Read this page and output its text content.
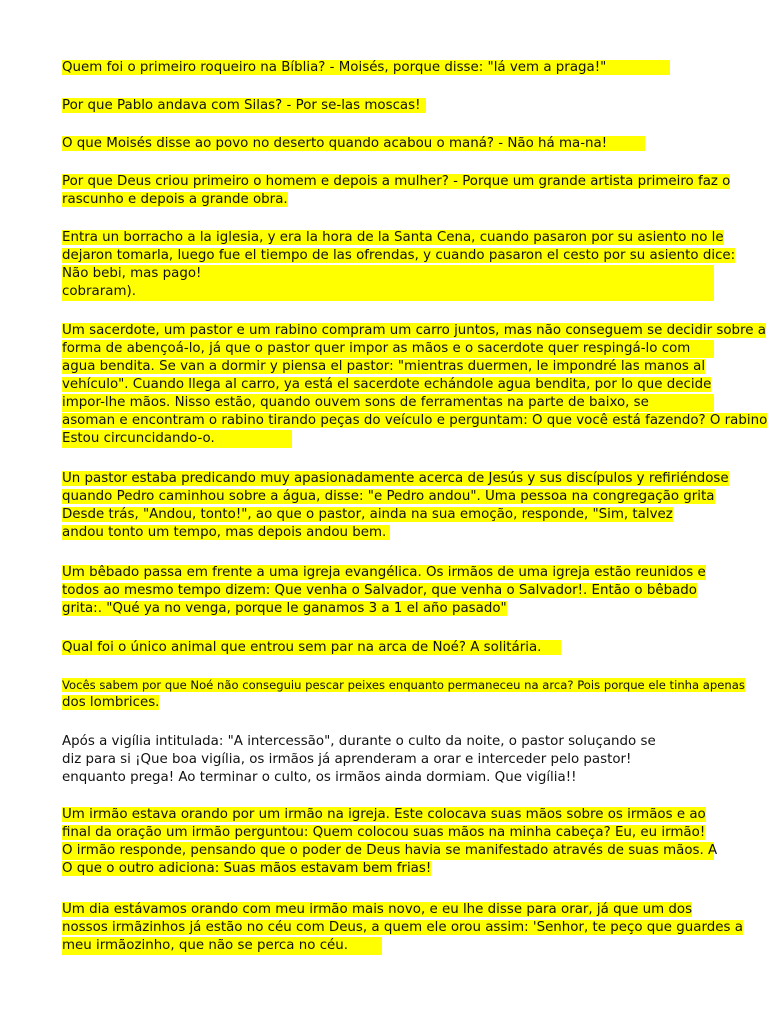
Quem foi o primeiro roqueiro na Bíblia? - Moisés, porque disse: "lá vem a praga!"
Por que Pablo andava com Silas? - Por se-las moscas!
O que Moisés disse ao povo no deserto quando acabou o maná? - Não há ma-na!
Por que Deus criou primeiro o homem e depois a mulher? - Porque um grande artista primeiro faz o
rascunho e depois a grande obra.
Entra un borracho a la iglesia, y era la hora de la Santa Cena, cuando pasaron por su asiento no le
dejaron tomarla, luego fue el tiempo de las ofrendas, y cuando pasaron el cesto por su asiento dice:
Não bebi, mas pago!
cobraram).
Um sacerdote, um pastor e um rabino compram um carro juntos, mas não conseguem se decidir sobre a
forma de abençoá-lo, já que o pastor quer impor as mãos e o sacerdote quer respingá-lo com
agua bendita. Se van a dormir y piensa el pastor: "mientras duermen, le impondré las manos al
vehículo". Cuando llega al carro, ya está el sacerdote echándole agua bendita, por lo que decide
impor-lhe mãos. Nisso estão, quando ouvem sons de ferramentas na parte de baixo, se
asoman e encontram o rabino tirando peças do veículo e perguntam: O que você está fazendo? O rabino
Estou circuncidando-o.
Un pastor estaba predicando muy apasionadamente acerca de Jesús y sus discípulos y refiriéndose
quando Pedro caminhou sobre a água, disse: "e Pedro andou". Uma pessoa na congregação grita
Desde trás, "Andou, tonto!", ao que o pastor, ainda na sua emoção, responde, "Sim, talvez
andou tonto um tempo, mas depois andou bem.
Um bêbado passa em frente a uma igreja evangélica. Os irmãos de uma igreja estão reunidos e
todos ao mesmo tempo dizem: Que venha o Salvador, que venha o Salvador!. Então o bêbado
grita:. "Qué ya no venga, porque le ganamos 3 a 1 el año pasado"
Qual foi o único animal que entrou sem par na arca de Noé? A solitária.
Vocês sabem por que Noé não conseguiu pescar peixes enquanto permaneceu na arca? Pois porque ele tinha apenas
dos lombrices.
Após a vigília intitulada: "A intercessão", durante o culto da noite, o pastor soluçando se
diz para si ¡Que boa vigília, os irmãos já aprenderam a orar e interceder pelo pastor!
enquanto prega! Ao terminar o culto, os irmãos ainda dormiam. Que vigília!!
Um irmão estava orando por um irmão na igreja. Este colocava suas mãos sobre os irmãos e ao
final da oração um irmão perguntou: Quem colocou suas mãos na minha cabeça? Eu, eu irmão!
O irmão responde, pensando que o poder de Deus havia se manifestado através de suas mãos. A
O que o outro adiciona: Suas mãos estavam bem frias!
Um dia estávamos orando com meu irmão mais novo, e eu lhe disse para orar, já que um dos
nossos irmãzinhos já estão no céu com Deus, a quem ele orou assim: 'Senhor, te peço que guardes a
meu irmãozinho, que não se perca no céu.
